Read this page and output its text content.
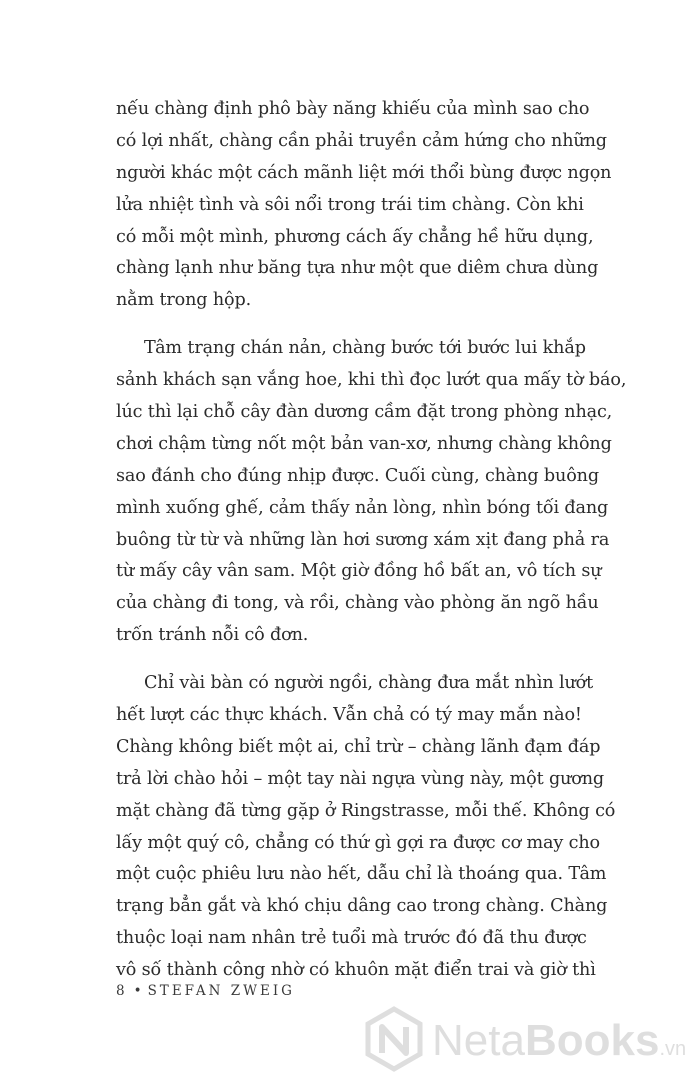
nếu chàng định phô bày năng khiếu của mình sao cho
có lợi nhất, chàng cần phải truyền cảm hứng cho những
người khác một cách mãnh liệt mới thổi bùng được ngọn
lửa nhiệt tình và sôi nổi trong trái tim chàng. Còn khi
có mỗi một mình, phương cách ấy chẳng hề hữu dụng,
chàng lạnh như băng tựa như một que diêm chưa dùng
nằm trong hộp.
Tâm trạng chán nản, chàng bước tới bước lui khắp
sảnh khách sạn vắng hoe, khi thì đọc lướt qua mấy tờ báo,
lúc thì lại chỗ cây đàn dương cầm đặt trong phòng nhạc,
chơi chậm từng nốt một bản van-xơ, nhưng chàng không
sao đánh cho đúng nhịp được. Cuối cùng, chàng buông
mình xuống ghế, cảm thấy nản lòng, nhìn bóng tối đang
buông từ từ và những làn hơi sương xám xịt đang phả ra
từ mấy cây vân sam. Một giờ đồng hồ bất an, vô tích sự
của chàng đi tong, và rồi, chàng vào phòng ăn ngõ hầu
trốn tránh nỗi cô đơn.
Chỉ vài bàn có người ngồi, chàng đưa mắt nhìn lướt
hết lượt các thực khách. Vẫn chả có tý may mắn nào!
Chàng không biết một ai, chỉ trừ – chàng lãnh đạm đáp
trả lời chào hỏi – một tay nài ngựa vùng này, một gương
mặt chàng đã từng gặp ở Ringstrasse, mỗi thế. Không có
lấy một quý cô, chẳng có thứ gì gợi ra được cơ may cho
một cuộc phiêu lưu nào hết, dẫu chỉ là thoáng qua. Tâm
trạng bẳn gắt và khó chịu dâng cao trong chàng. Chàng
thuộc loại nam nhân trẻ tuổi mà trước đó đã thu được
vô số thành công nhờ có khuôn mặt điển trai và giờ thì
8 • STEFAN ZWEIG
NetaBooks.vn
